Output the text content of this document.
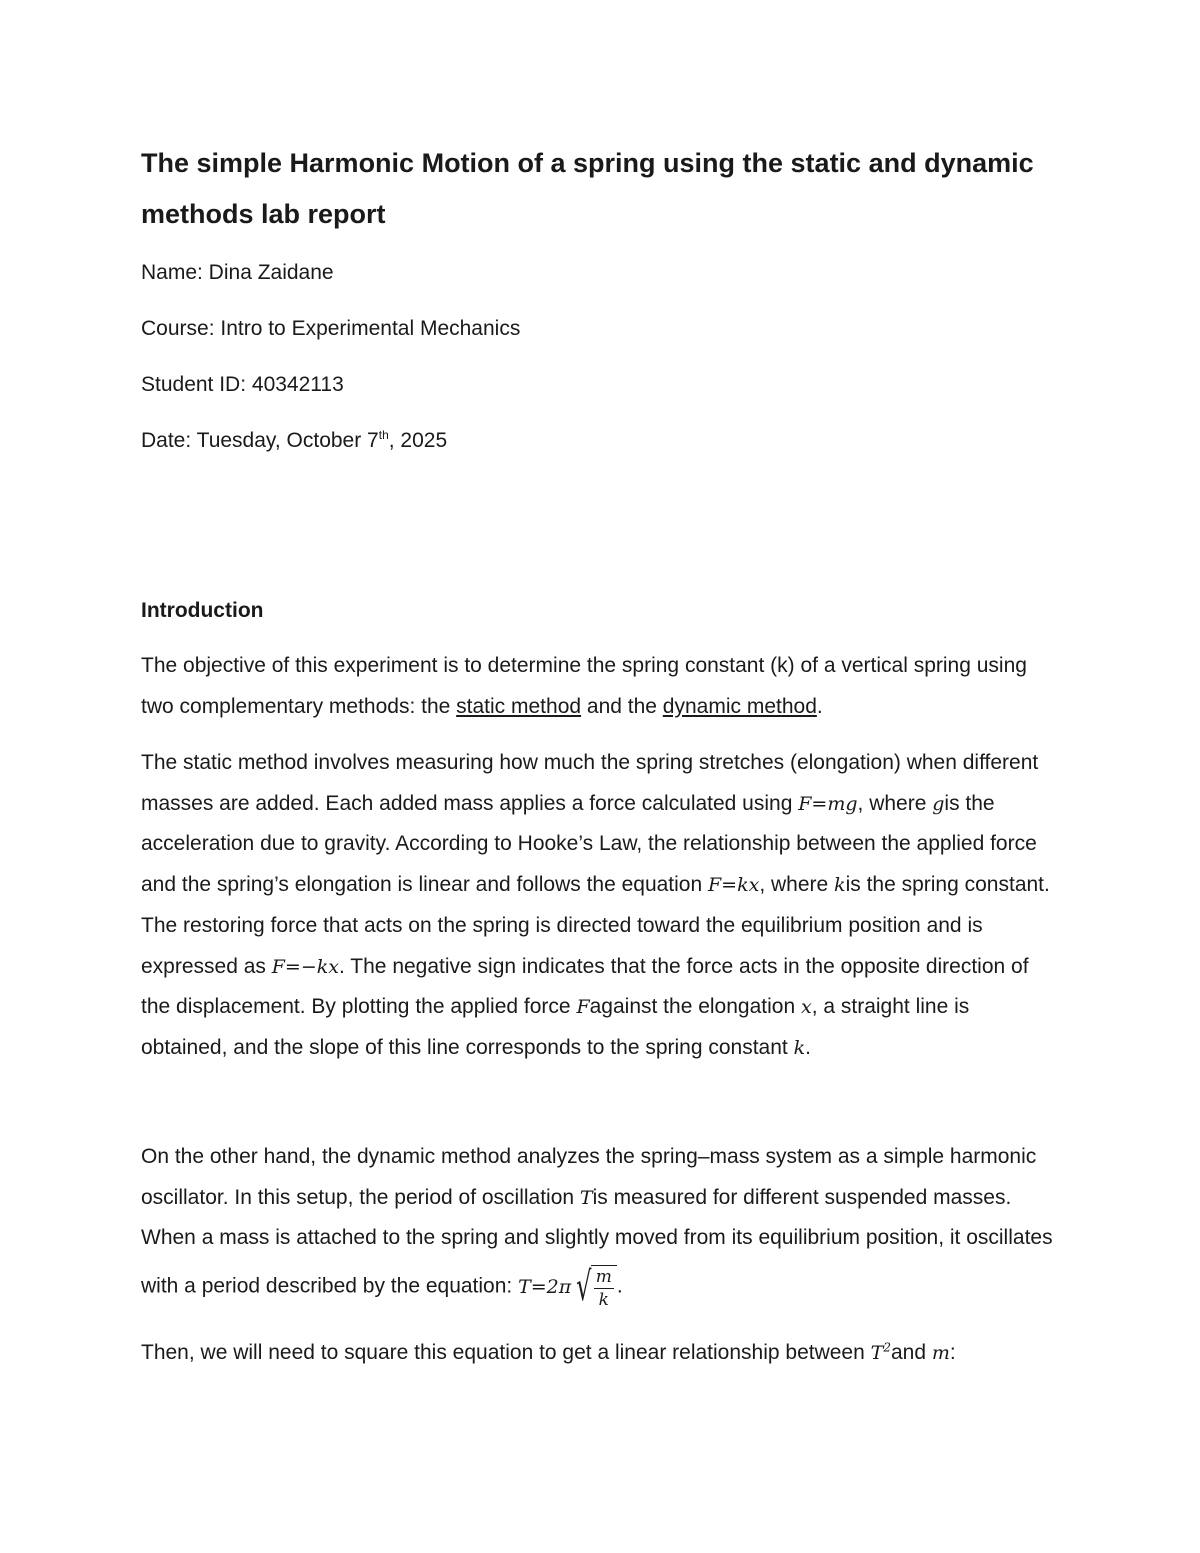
The simple Harmonic Motion of a spring using the static and dynamic methods lab report

Name: Dina Zaidane

Course: Intro to Experimental Mechanics

Student ID: 40342113

Date: Tuesday, October 7th, 2025

Introduction

The objective of this experiment is to determine the spring constant (k) of a vertical spring using two complementary methods: the static method and the dynamic method.

The static method involves measuring how much the spring stretches (elongation) when different masses are added. Each added mass applies a force calculated using F=mg, where gis the acceleration due to gravity. According to Hooke’s Law, the relationship between the applied force and the spring’s elongation is linear and follows the equation F=kx, where kis the spring constant. The restoring force that acts on the spring is directed toward the equilibrium position and is expressed as F=−kx. The negative sign indicates that the force acts in the opposite direction of the displacement. By plotting the applied force Fagainst the elongation x, a straight line is obtained, and the slope of this line corresponds to the spring constant k.

On the other hand, the dynamic method analyzes the spring–mass system as a simple harmonic oscillator. In this setup, the period of oscillation Tis measured for different suspended masses. When a mass is attached to the spring and slightly moved from its equilibrium position, it oscillates with a period described by the equation: T=2π √ $\frac{m}{k}$ .

Then, we will need to square this equation to get a linear relationship between $T^2and$ m:
